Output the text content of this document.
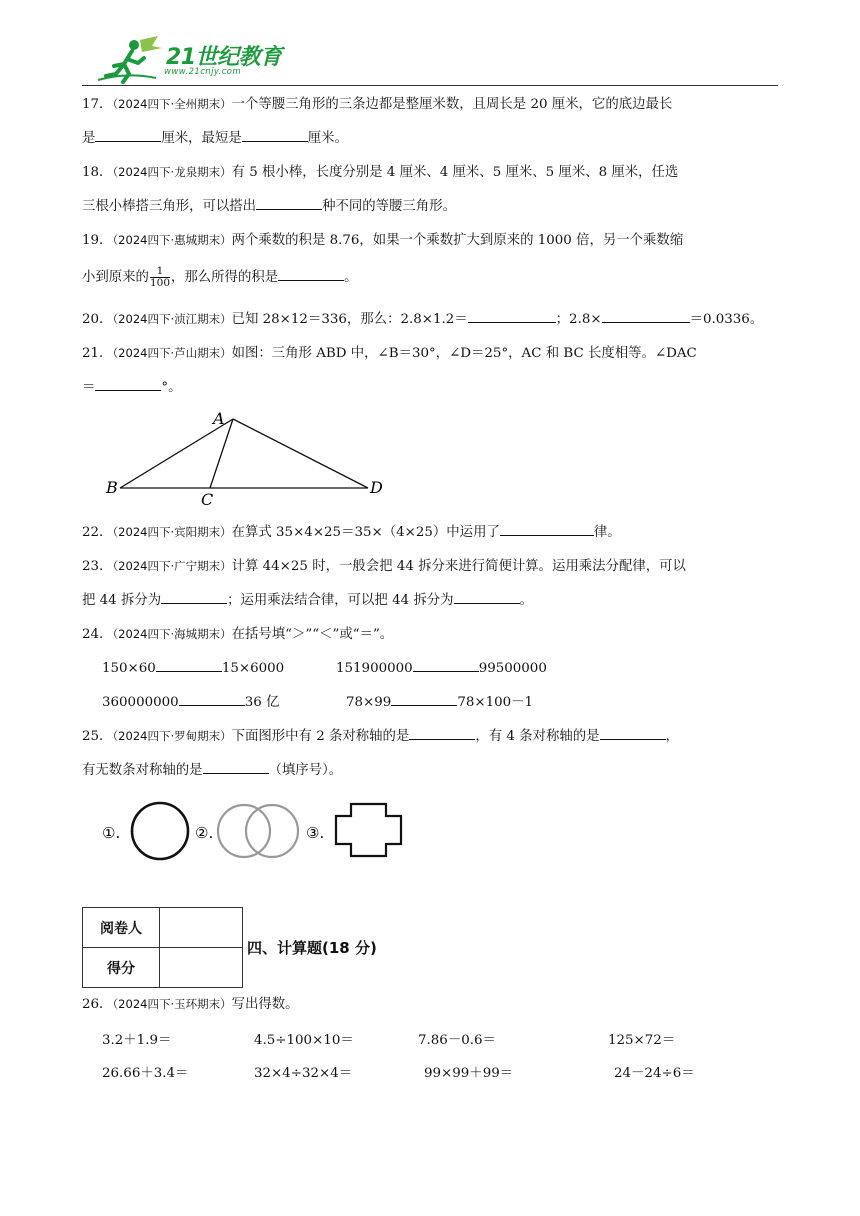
21世纪教育
www.21cnjy.com
17．（2024四下·全州期末）一个等腰三角形的三条边都是整厘米数，且周长是 20 厘米，它的底边最长
是	厘米，最短是	厘米。
18．（2024四下·龙泉期末）有 5 根小棒，长度分别是 4 厘米、4 厘米、5 厘米、5 厘米、8 厘米，任选
三根小棒搭三角形，可以搭出	种不同的等腰三角形。
19．（2024四下·惠城期末）两个乘数的积是 8.76，如果一个乘数扩大到原来的 1000 倍，另一个乘数缩
小到原来的 $\frac{1}{100}$ ，那么所得的积是	。
20．（2024四下·浈江期末）已知 28×12＝336，那么：2.8×1.2＝	；2.8×	＝0.0336。
21．（2024四下·芦山期末）如图：三角形 ABD 中，∠B＝30°，∠D＝25°，AC 和 BC 长度相等。∠DAC
＝	°。
A
B
C
D
22．（2024四下·宾阳期末）在算式 35×4×25＝35×（4×25）中运用了	律。
23．（2024四下·广宁期末）计算 44×25 时，一般会把 44 拆分来进行简便计算。运用乘法分配律，可以
把 44 拆分为	；运用乘法结合律，可以把 44 拆分为	。
24．（2024四下·海城期末）在括号填“＞”“＜”或“＝”。
150×60	15×6000	151900000	99500000
360000000	36 亿	78×99	78×100－1
25．（2024四下·罗甸期末）下面图形中有 2 条对称轴的是	，有 4 条对称轴的是	，
有无数条对称轴的是	（填序号）。
①.	②.	③.
阅卷人	
得分	
四、计算题(18 分)
26．（2024四下·玉环期末）写出得数。
3.2＋1.9＝	4.5÷100×10＝	7.86－0.6＝	125×72＝
26.66＋3.4＝	32×4÷32×4＝	99×99＋99＝	24－24÷6＝
